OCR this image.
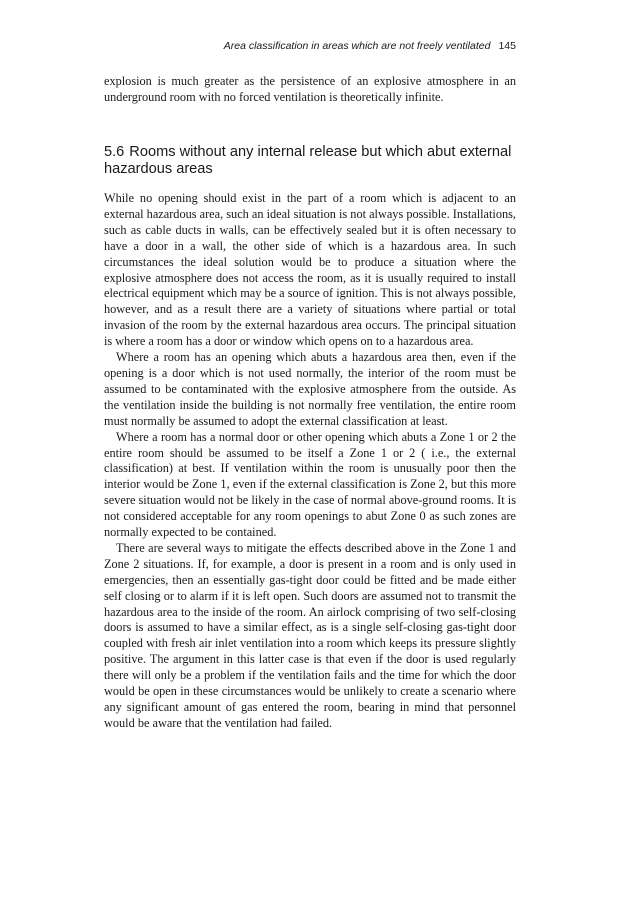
Area classification in areas which are not freely ventilated 145

explosion is much greater as the persistence of an explosive atmosphere in an underground room with no forced ventilation is theoretically infinite.

5.6 Rooms without any internal release but which abut external hazardous areas

While no opening should exist in the part of a room which is adjacent to an external hazardous area, such an ideal situation is not always possible. Installations, such as cable ducts in walls, can be effectively sealed but it is often necessary to have a door in a wall, the other side of which is a hazardous area. In such circumstances the ideal solution would be to produce a situation where the explosive atmosphere does not access the room, as it is usually required to install electrical equipment which may be a source of ignition. This is not always possible, however, and as a result there are a variety of situations where partial or total invasion of the room by the external hazardous area occurs. The principal situation is where a room has a door or window which opens on to a hazardous area.

Where a room has an opening which abuts a hazardous area then, even if the opening is a door which is not used normally, the interior of the room must be assumed to be contaminated with the explosive atmosphere from the outside. As the ventilation inside the building is not normally free ventilation, the entire room must normally be assumed to adopt the external classification at least.

Where a room has a normal door or other opening which abuts a Zone 1 or 2 the entire room should be assumed to be itself a Zone 1 or 2 ( i.e., the external classification) at best. If ventilation within the room is unusually poor then the interior would be Zone 1, even if the external classification is Zone 2, but this more severe situation would not be likely in the case of normal above-ground rooms. It is not considered acceptable for any room openings to abut Zone 0 as such zones are normally expected to be contained.

There are several ways to mitigate the effects described above in the Zone 1 and Zone 2 situations. If, for example, a door is present in a room and is only used in emergencies, then an essentially gas-tight door could be fitted and be made either self closing or to alarm if it is left open. Such doors are assumed not to transmit the hazardous area to the inside of the room. An airlock comprising of two self-closing doors is assumed to have a similar effect, as is a single self-closing gas-tight door coupled with fresh air inlet ventilation into a room which keeps its pressure slightly positive. The argument in this latter case is that even if the door is used regularly there will only be a problem if the ventilation fails and the time for which the door would be open in these circumstances would be unlikely to create a scenario where any significant amount of gas entered the room, bearing in mind that personnel would be aware that the ventilation had failed.
